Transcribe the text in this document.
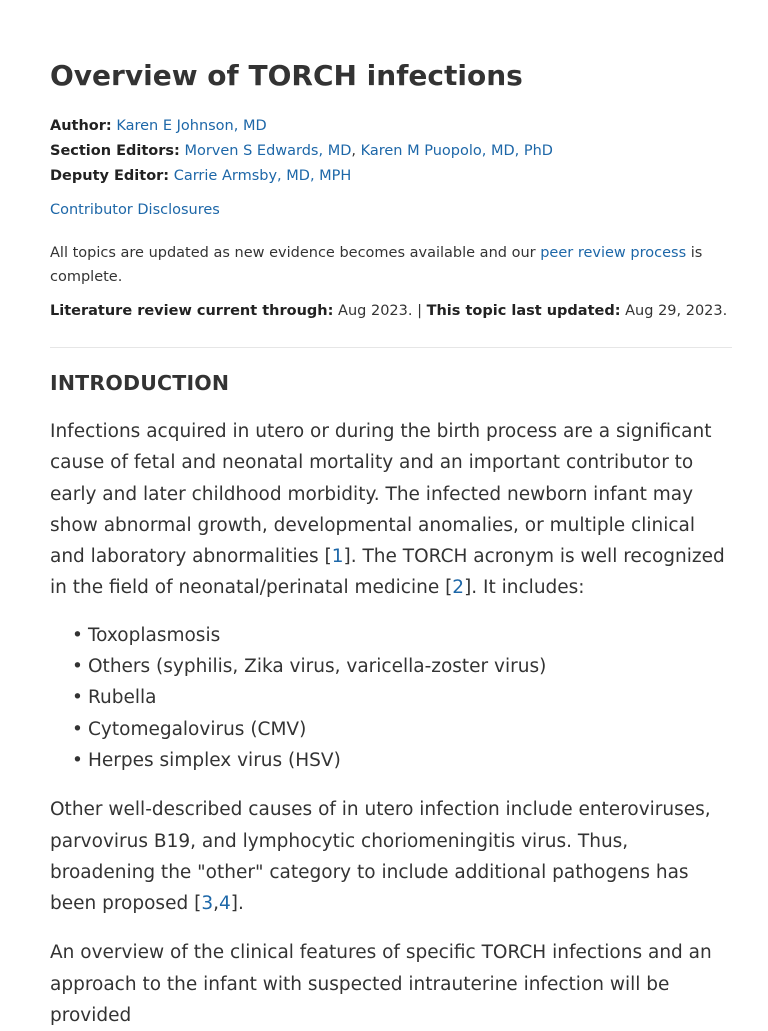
Overview of TORCH infections

Author: Karen E Johnson, MD

Section Editors: Morven S Edwards, MD, Karen M Puopolo, MD, PhD

Deputy Editor: Carrie Armsby, MD, MPH

Contributor Disclosures
All topics are updated as new evidence becomes available and our peer review process is complete.
Literature review current through: Aug 2023. | This topic last updated: Aug 29, 2023.
INTRODUCTION

Infections acquired in utero or during the birth process are a significant cause of fetal and neonatal mortality and an important contributor to early and later childhood morbidity. The infected newborn infant may show abnormal growth, developmental anomalies, or multiple clinical and laboratory abnormalities [1]. The TORCH acronym is well recognized in the field of neonatal/perinatal medicine [2]. It includes:

• Toxoplasmosis
• Others (syphilis, Zika virus, varicella-zoster virus)
• Rubella
• Cytomegalovirus (CMV)
• Herpes simplex virus (HSV)

Other well-described causes of in utero infection include enteroviruses, parvovirus B19, and lymphocytic choriomeningitis virus. Thus, broadening the "other" category to include additional pathogens has been proposed [3,4].

An overview of the clinical features of specific TORCH infections and an approach to the infant with suspected intrauterine infection will be provided
